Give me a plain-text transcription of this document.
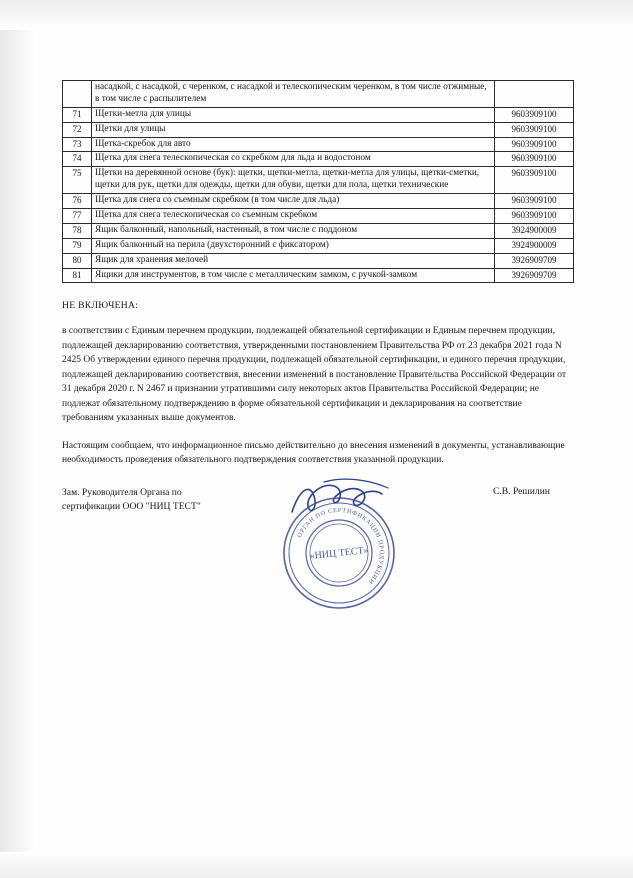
	насадкой, с насадкой, с черенком, с насадкой и телескопическим черенком, в том числе отжимные, в том числе с распылителем	
71	Щетки-метла для улицы	9603909100
72	Щетки для улицы	9603909100
73	Щетка-скребок для авто	9603909100
74	Щетка для снега телескопическая со скребком для льда и водостоном	9603909100
75	Щетки на деревянной основе (бук): щетки, щетки-метла, щетки-метла для улицы, щетки-сметки, щетки для рук, щетки для одежды, щетки для обуви, щетки для пола, щетки технические	9603909100
76	Щетка для снега со съемным скребком (в том числе для льда)	9603909100
77	Щетка для снега телескопическая со съемным скребком	9603909100
78	Ящик балконный, напольный, настенный, в том числе с поддоном	3924900009
79	Ящик балконный на перила (двухсторонний с фиксатором)	3924900009
80	Ящик для хранения мелочей	3926909709
81	Ящики для инструментов, в том числе с металлическим замком, с ручкой-замком	3926909709
НЕ ВКЛЮЧЕНА:

в соответствии с Единым перечнем продукции, подлежащей обязательной сертификации и Единым перечнем продукции, подлежащей декларированию соответствия, утвержденными постановлением Правительства РФ от 23 декабря 2021 года N 2425 Об утверждении единого перечня продукции, подлежащей обязательной сертификации, и единого перечня продукции, подлежащей декларированию соответствия, внесении изменений в постановление Правительства Российской Федерации от 31 декабря 2020 г. N 2467 и признании утратившими силу некоторых актов Правительства Российской Федерации; не подлежат обязательному подтверждению в форме обязательной сертификации и декларирования на соответствие требованиям указанных выше документов.

Настоящим сообщаем, что информационное письмо действительно до внесения изменений в документы, устанавливающие необходимость проведения обязательного подтверждения соответствия указанной продукции.

Зам. Руководителя Органа по
сертификации ООО "НИЦ ТЕСТ"
С.В. Решилин
ОРГАН ПО СЕРТИФИКАЦИИ ПРОДУКЦИИ
«НИЦ ТЕСТ»
